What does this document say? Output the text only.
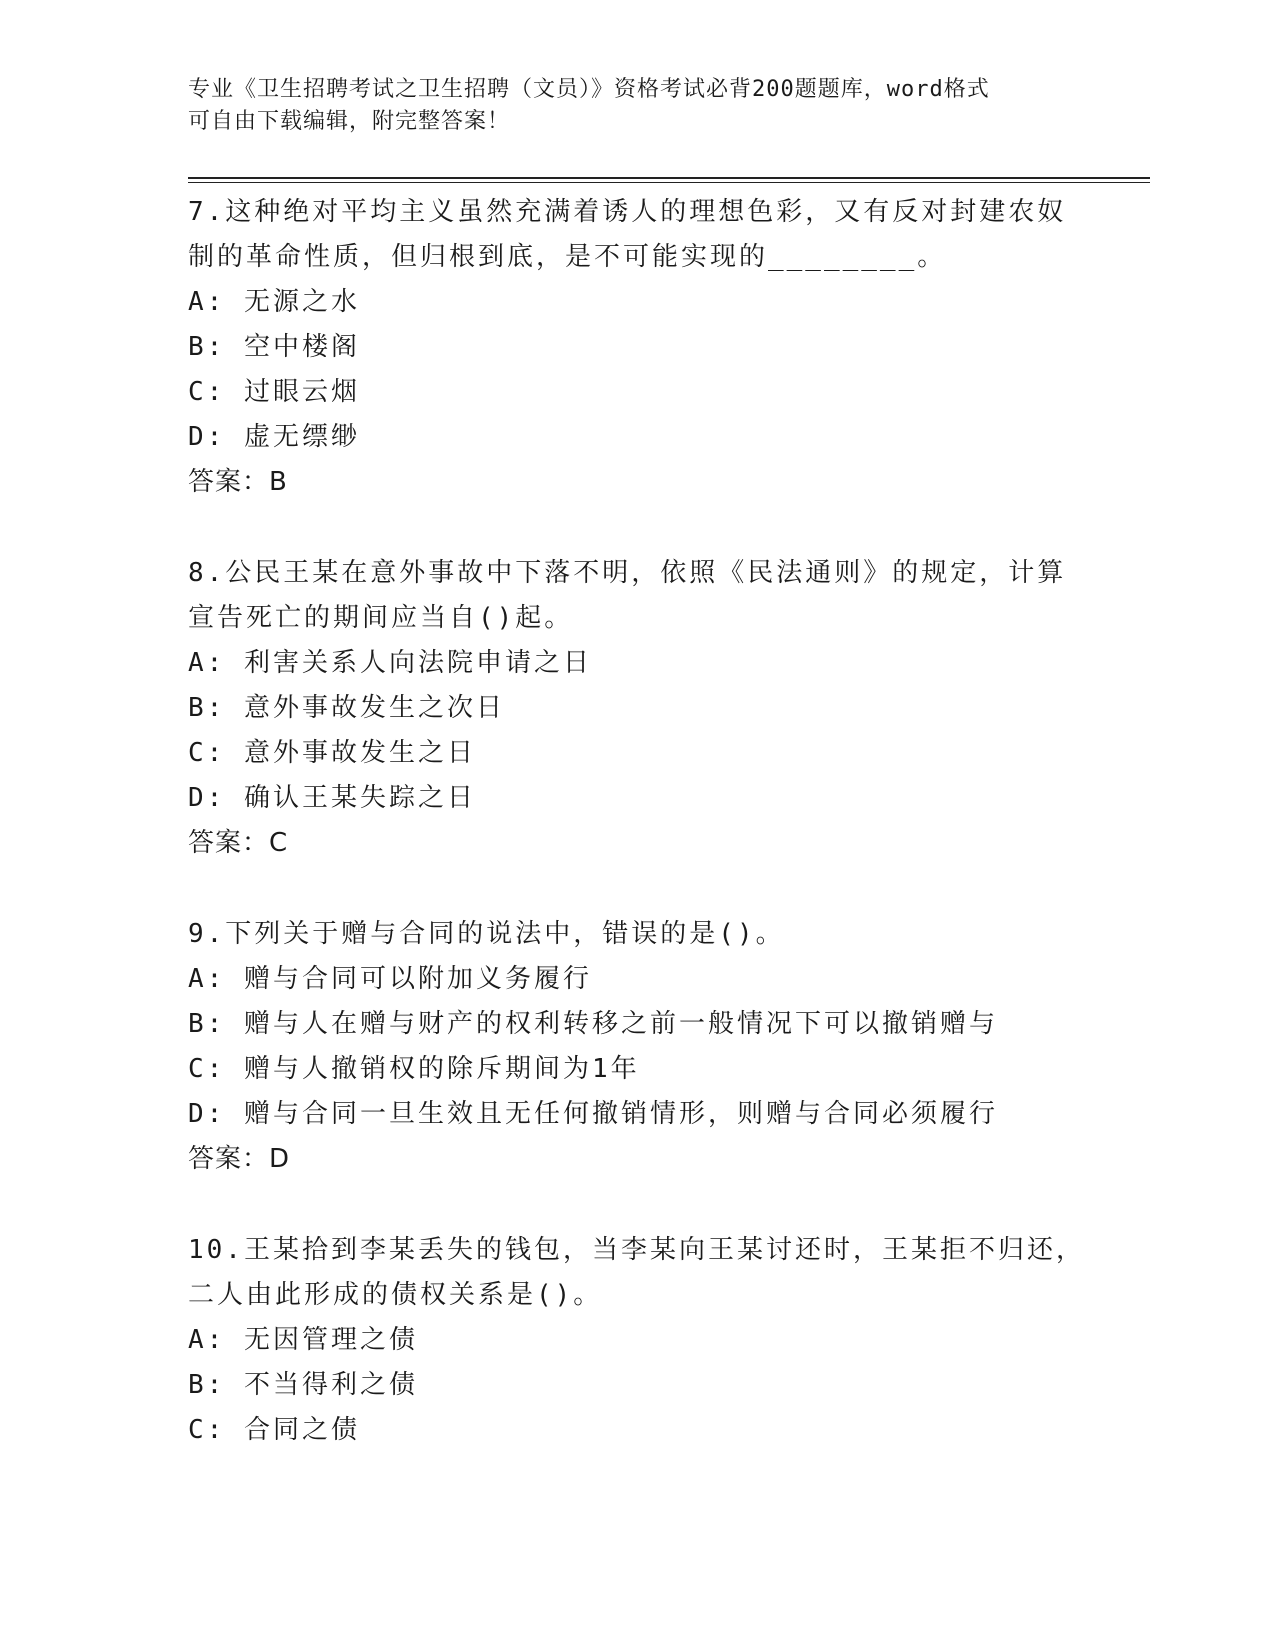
专业《卫生招聘考试之卫生招聘（文员）》资格考试必背200题题库，word格式
可自由下载编辑，附完整答案！
7.这种绝对平均主义虽然充满着诱人的理想色彩，又有反对封建农奴制的革命性质，但归根到底，是不可能实现的________。
A: 无源之水
B: 空中楼阁
C: 过眼云烟
D: 虚无缥缈
答案：B
8.公民王某在意外事故中下落不明，依照《民法通则》的规定，计算宣告死亡的期间应当自()起。
A: 利害关系人向法院申请之日
B: 意外事故发生之次日
C: 意外事故发生之日
D: 确认王某失踪之日
答案：C
9.下列关于赠与合同的说法中，错误的是()。
A: 赠与合同可以附加义务履行
B: 赠与人在赠与财产的权利转移之前一般情况下可以撤销赠与
C: 赠与人撤销权的除斥期间为1年
D: 赠与合同一旦生效且无任何撤销情形，则赠与合同必须履行
答案：D
10.王某拾到李某丢失的钱包，当李某向王某讨还时，王某拒不归还，二人由此形成的债权关系是()。
A: 无因管理之债
B: 不当得利之债
C: 合同之债
